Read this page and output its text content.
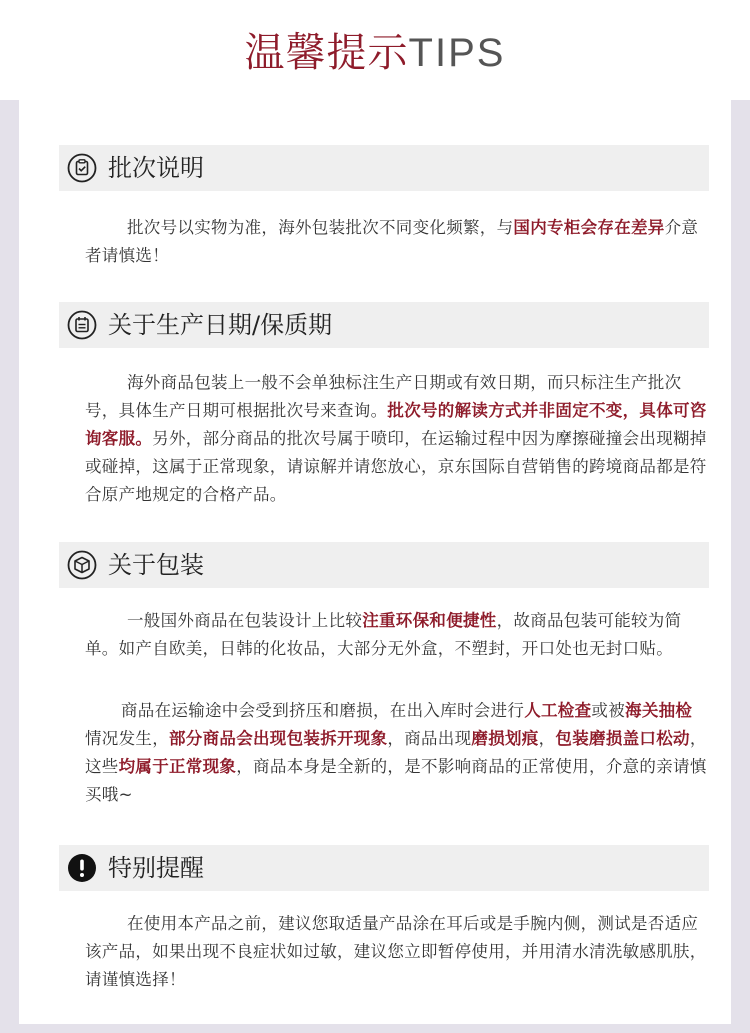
温馨提示TIPS
批次说明
批次号以实物为准，海外包装批次不同变化频繁，与国内专柜会存在差异介意者请慎选！
关于生产日期/保质期
海外商品包装上一般不会单独标注生产日期或有效日期，而只标注生产批次号，具体生产日期可根据批次号来查询。批次号的解读方式并非固定不变，具体可咨询客服。另外，部分商品的批次号属于喷印，在运输过程中因为摩擦碰撞会出现糊掉或碰掉，这属于正常现象，请谅解并请您放心，京东国际自营销售的跨境商品都是符合原产地规定的合格产品。
关于包装
一般国外商品在包装设计上比较注重环保和便捷性，故商品包装可能较为简单。如产自欧美，日韩的化妆品，大部分无外盒，不塑封，开口处也无封口贴。
商品在运输途中会受到挤压和磨损，在出入库时会进行人工检查或被海关抽检情况发生，部分商品会出现包装拆开现象，商品出现磨损划痕，包装磨损盖口松动，这些均属于正常现象，商品本身是全新的，是不影响商品的正常使用，介意的亲请慎买哦~
特别提醒
在使用本产品之前，建议您取适量产品涂在耳后或是手腕内侧，测试是否适应该产品，如果出现不良症状如过敏，建议您立即暂停使用，并用清水清洗敏感肌肤，请谨慎选择！
